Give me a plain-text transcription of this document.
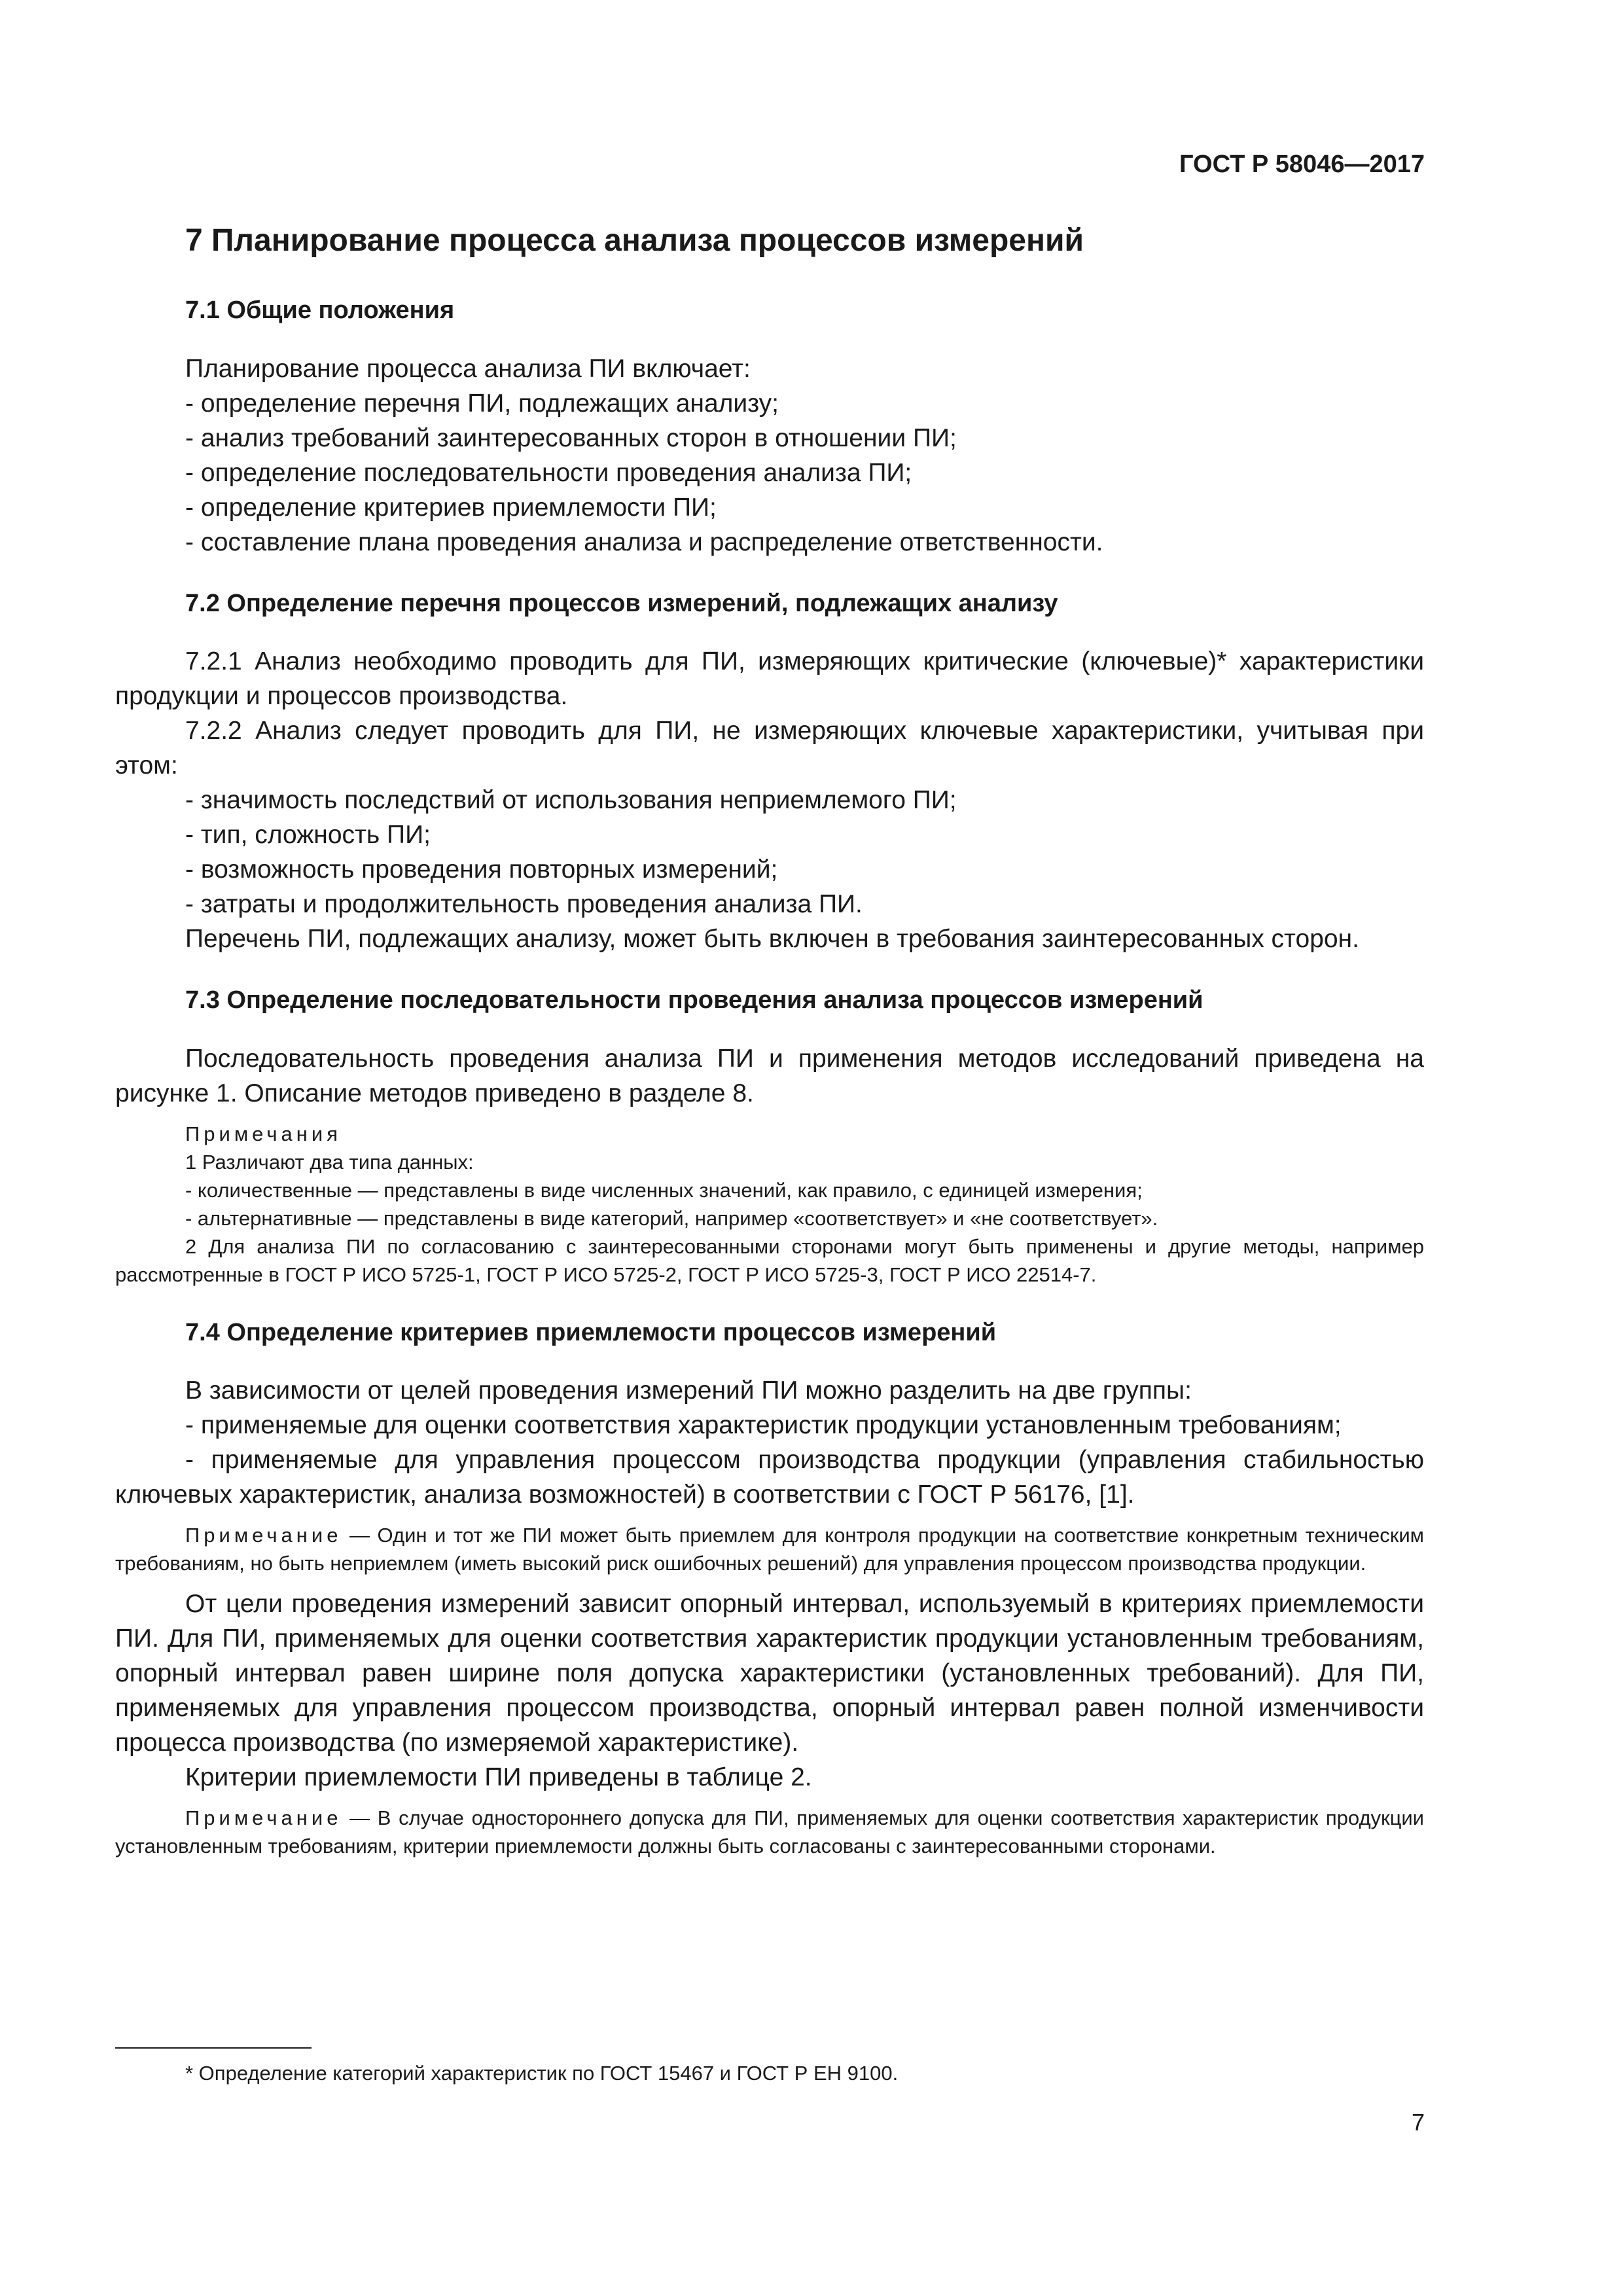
ГОСТ Р 58046—2017
7 Планирование процесса анализа процессов измерений
7.1 Общие положения
Планирование процесса анализа ПИ включает:
- определение перечня ПИ, подлежащих анализу;
- анализ требований заинтересованных сторон в отношении ПИ;
- определение последовательности проведения анализа ПИ;
- определение критериев приемлемости ПИ;
- составление плана проведения анализа и распределение ответственности.
7.2 Определение перечня процессов измерений, подлежащих анализу
7.2.1 Анализ необходимо проводить для ПИ, измеряющих критические (ключевые)* характеристики продукции и процессов производства.
7.2.2 Анализ следует проводить для ПИ, не измеряющих ключевые характеристики, учитывая при этом:
- значимость последствий от использования неприемлемого ПИ;
- тип, сложность ПИ;
- возможность проведения повторных измерений;
- затраты и продолжительность проведения анализа ПИ.
Перечень ПИ, подлежащих анализу, может быть включен в требования заинтересованных сторон.
7.3 Определение последовательности проведения анализа процессов измерений
Последовательность проведения анализа ПИ и применения методов исследований приведена на рисунке 1. Описание методов приведено в разделе 8.
Примечания
1 Различают два типа данных:
- количественные — представлены в виде численных значений, как правило, с единицей измерения;
- альтернативные — представлены в виде категорий, например «соответствует» и «не соответствует».
2 Для анализа ПИ по согласованию с заинтересованными сторонами могут быть применены и другие методы, например рассмотренные в ГОСТ Р ИСО 5725-1, ГОСТ Р ИСО 5725-2, ГОСТ Р ИСО 5725-3, ГОСТ Р ИСО 22514-7.
7.4 Определение критериев приемлемости процессов измерений
В зависимости от целей проведения измерений ПИ можно разделить на две группы:
- применяемые для оценки соответствия характеристик продукции установленным требованиям;
- применяемые для управления процессом производства продукции (управления стабильностью ключевых характеристик, анализа возможностей) в соответствии с ГОСТ Р 56176, [1].
Примечание — Один и тот же ПИ может быть приемлем для контроля продукции на соответствие конкретным техническим требованиям, но быть неприемлем (иметь высокий риск ошибочных решений) для управления процессом производства продукции.
От цели проведения измерений зависит опорный интервал, используемый в критериях приемлемости ПИ. Для ПИ, применяемых для оценки соответствия характеристик продукции установленным требованиям, опорный интервал равен ширине поля допуска характеристики (установленных требований). Для ПИ, применяемых для управления процессом производства, опорный интервал равен полной изменчивости процесса производства (по измеряемой характеристике).
Критерии приемлемости ПИ приведены в таблице 2.
Примечание — В случае одностороннего допуска для ПИ, применяемых для оценки соответствия характеристик продукции установленным требованиям, критерии приемлемости должны быть согласованы с заинтересованными сторонами.
* Определение категорий характеристик по ГОСТ 15467 и ГОСТ Р ЕН 9100.
7
